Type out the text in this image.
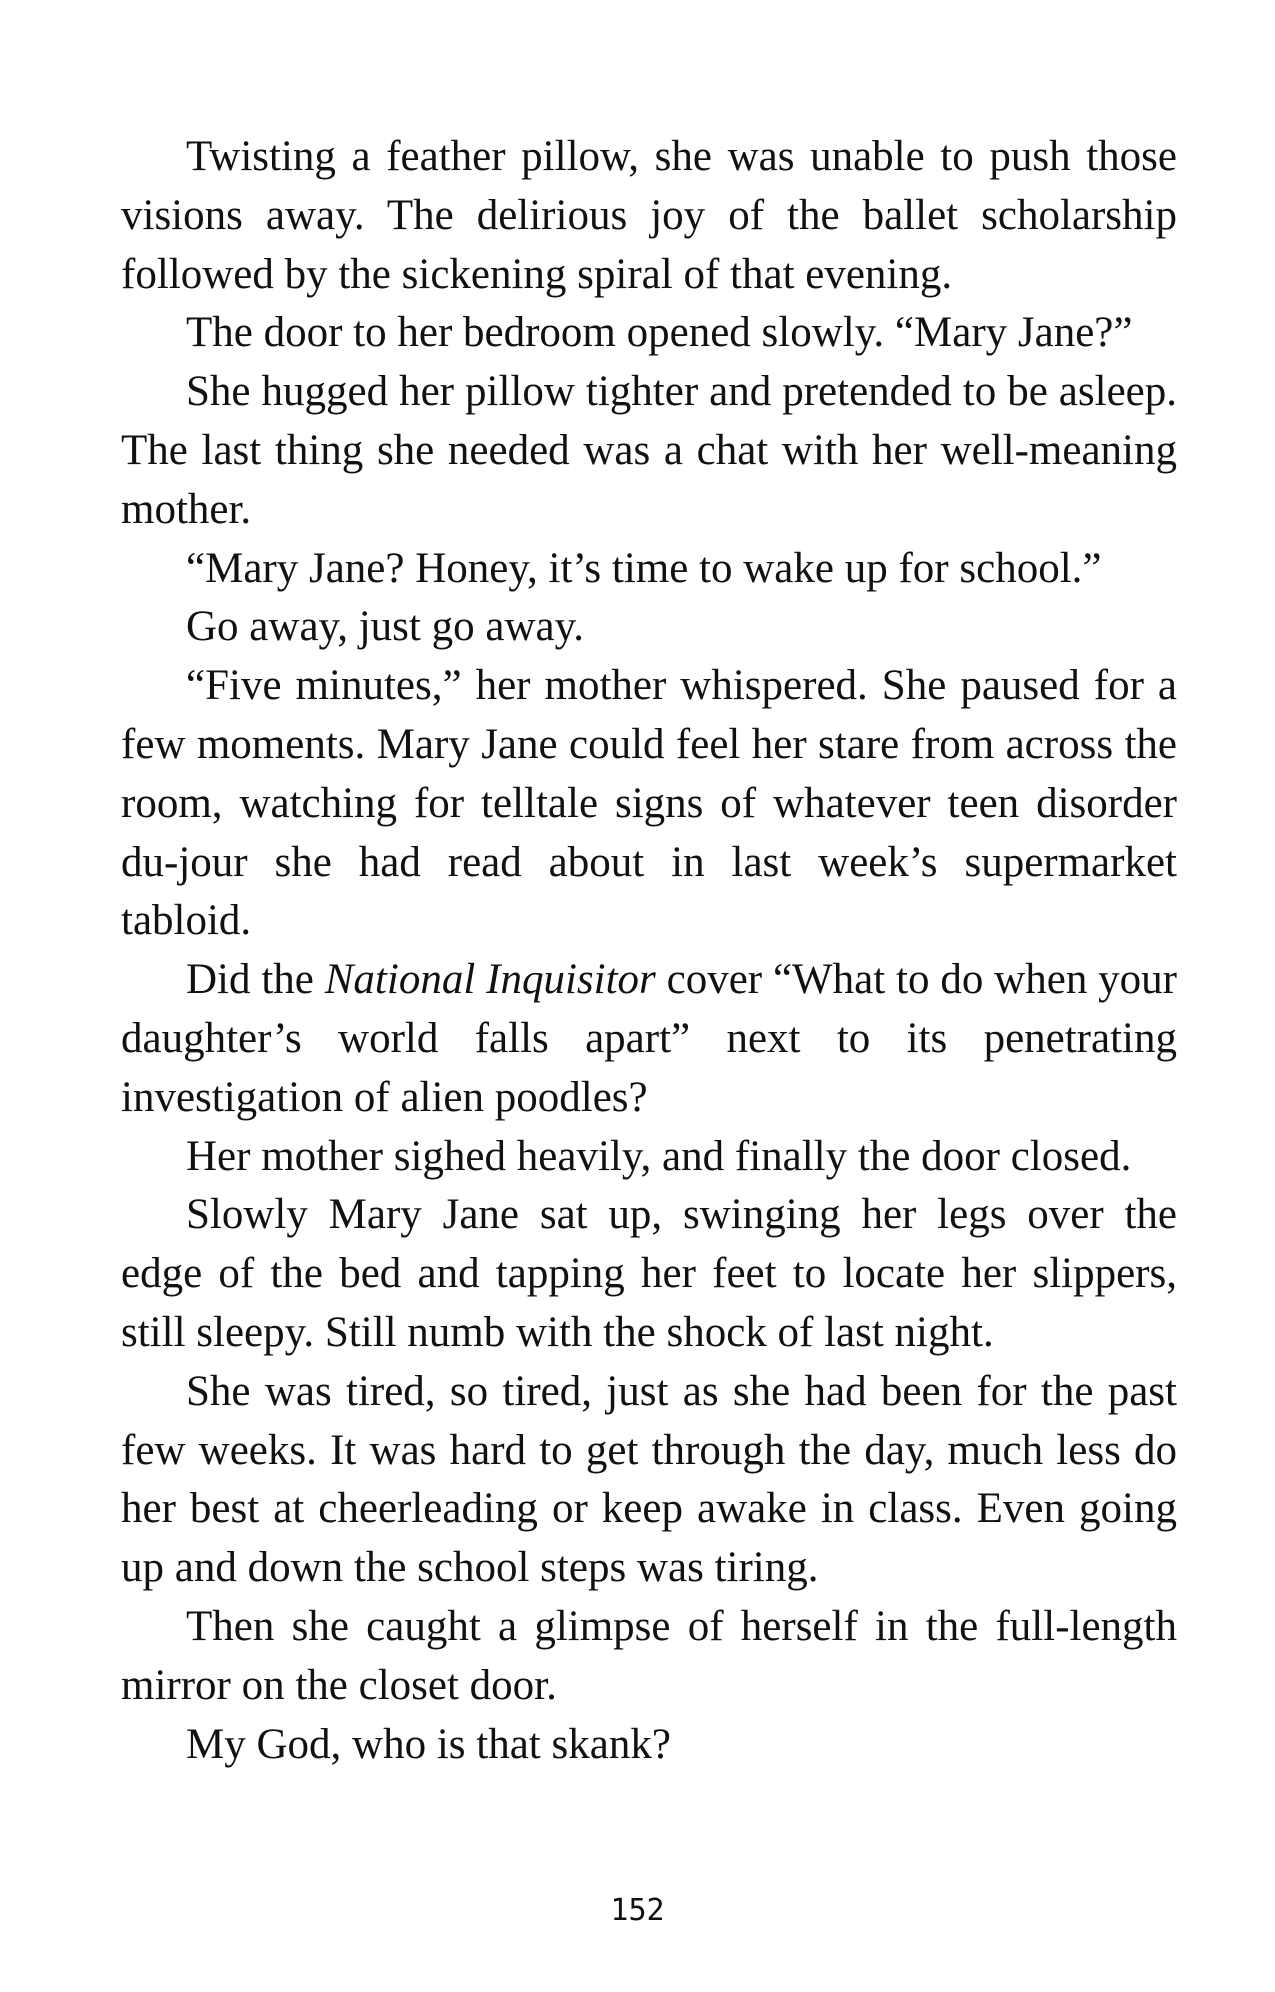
Twisting a feather pillow, she was unable to push those visions away. The delirious joy of the ballet scholarship followed by the sickening spiral of that evening.

The door to her bedroom opened slowly. “Mary Jane?”

She hugged her pillow tighter and pretended to be asleep. The last thing she needed was a chat with her well-meaning mother.

“Mary Jane? Honey, it’s time to wake up for school.”

Go away, just go away.

“Five minutes,” her mother whispered. She paused for a few moments. Mary Jane could feel her stare from across the room, watching for telltale signs of whatever teen disorder du-jour she had read about in last week’s supermarket tabloid.

Did the National Inquisitor cover “What to do when your daughter’s world falls apart” next to its penetrating investigation of alien poodles?

Her mother sighed heavily, and finally the door closed.

Slowly Mary Jane sat up, swinging her legs over the edge of the bed and tapping her feet to locate her slippers, still sleepy. Still numb with the shock of last night.

She was tired, so tired, just as she had been for the past few weeks. It was hard to get through the day, much less do her best at cheerleading or keep awake in class. Even going up and down the school steps was tiring.

Then she caught a glimpse of herself in the full-length mirror on the closet door.

My God, who is that skank?

152
